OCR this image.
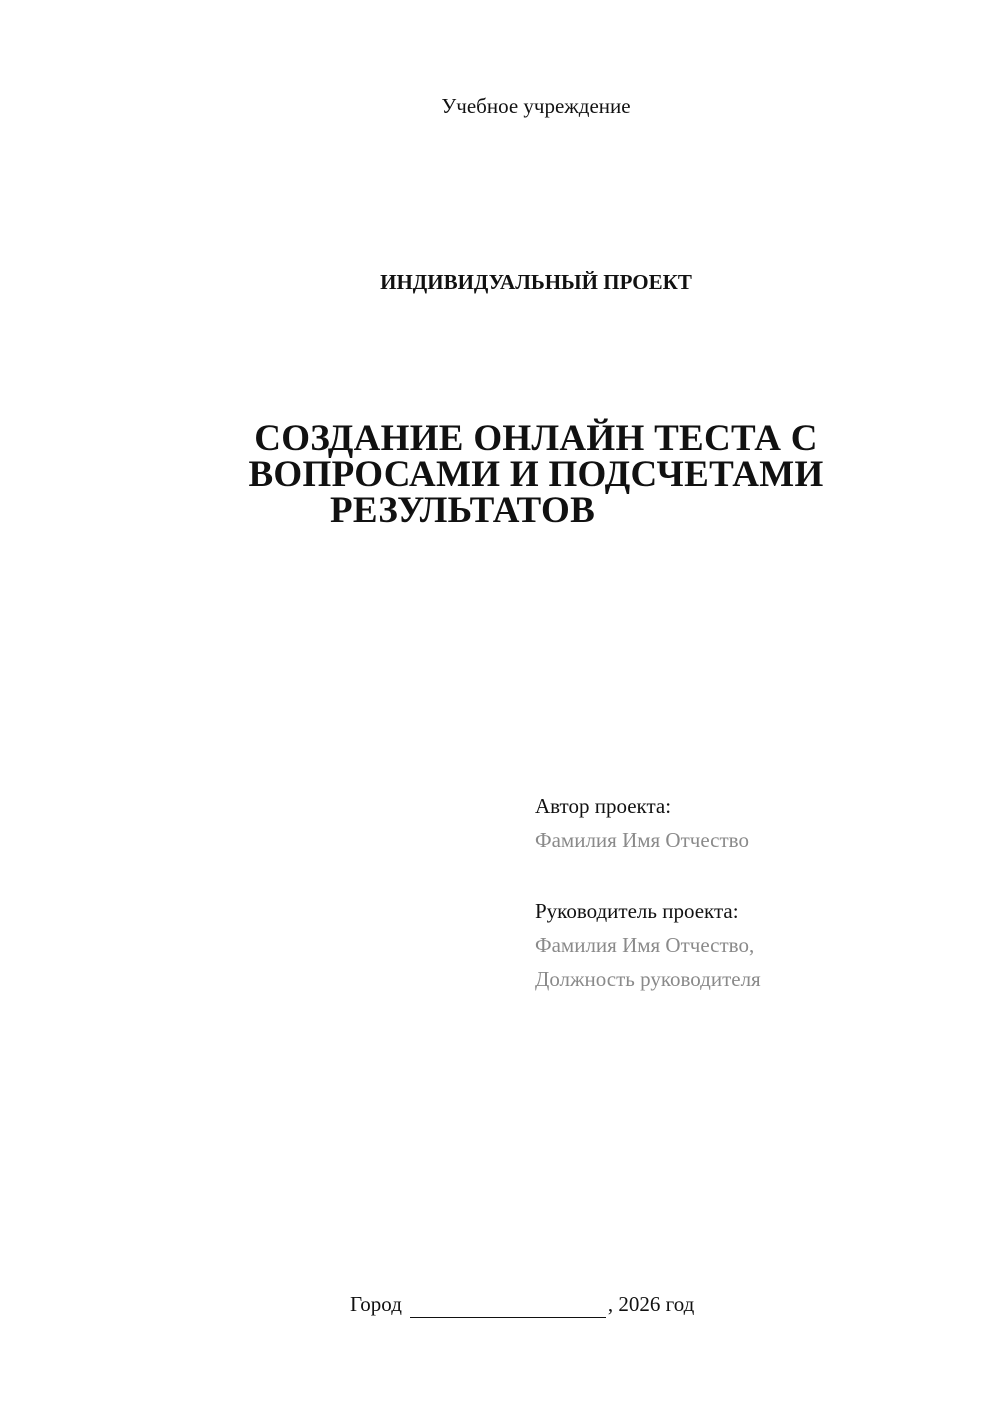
Учебное учреждение
ИНДИВИДУАЛЬНЫЙ ПРОЕКТ
СОЗДАНИЕ ОНЛАЙН ТЕСТА С
ВОПРОСАМИ И ПОДСЧЕТАМИ
РЕЗУЛЬТАТОВ
Автор проекта:
Фамилия Имя Отчество
Руководитель проекта:
Фамилия Имя Отчество,
Должность руководителя
Город	, 2026 год
